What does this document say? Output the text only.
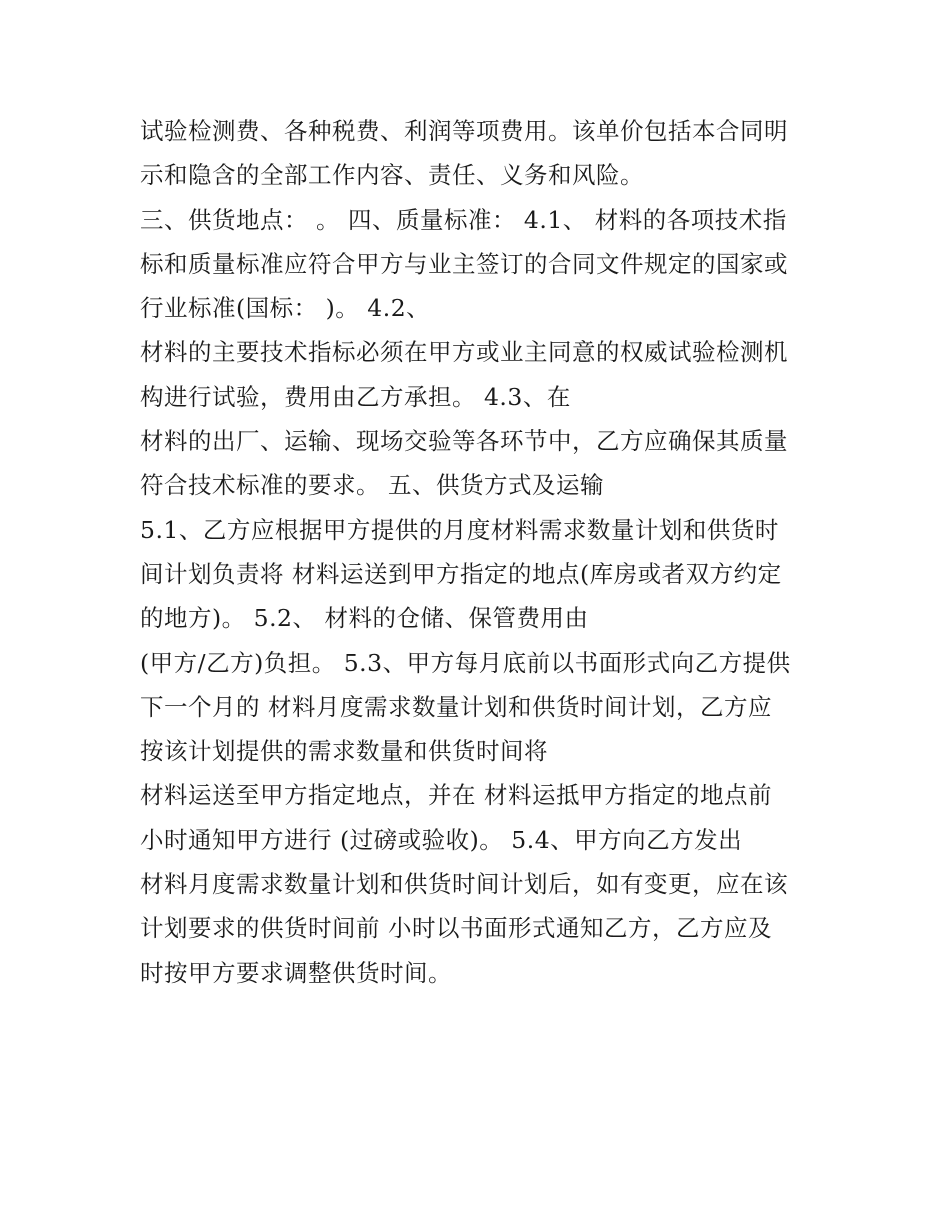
试验检测费、各种税费、利润等项费用。该单价包括本合同明
示和隐含的全部工作内容、责任、义务和风险。
三、供货地点： 。 四、质量标准： 4.1、 材料的各项技术指
标和质量标准应符合甲方与业主签订的合同文件规定的国家或
行业标准(国标： )。 4.2、
材料的主要技术指标必须在甲方或业主同意的权威试验检测机
构进行试验，费用由乙方承担。 4.3、在
材料的出厂、运输、现场交验等各环节中，乙方应确保其质量
符合技术标准的要求。 五、供货方式及运输
5.1、乙方应根据甲方提供的月度材料需求数量计划和供货时
间计划负责将 材料运送到甲方指定的地点(库房或者双方约定
的地方)。 5.2、 材料的仓储、保管费用由
(甲方/乙方)负担。 5.3、甲方每月底前以书面形式向乙方提供
下一个月的 材料月度需求数量计划和供货时间计划，乙方应
按该计划提供的需求数量和供货时间将
材料运送至甲方指定地点，并在 材料运抵甲方指定的地点前
小时通知甲方进行 (过磅或验收)。 5.4、甲方向乙方发出
材料月度需求数量计划和供货时间计划后，如有变更，应在该
计划要求的供货时间前 小时以书面形式通知乙方，乙方应及
时按甲方要求调整供货时间。
